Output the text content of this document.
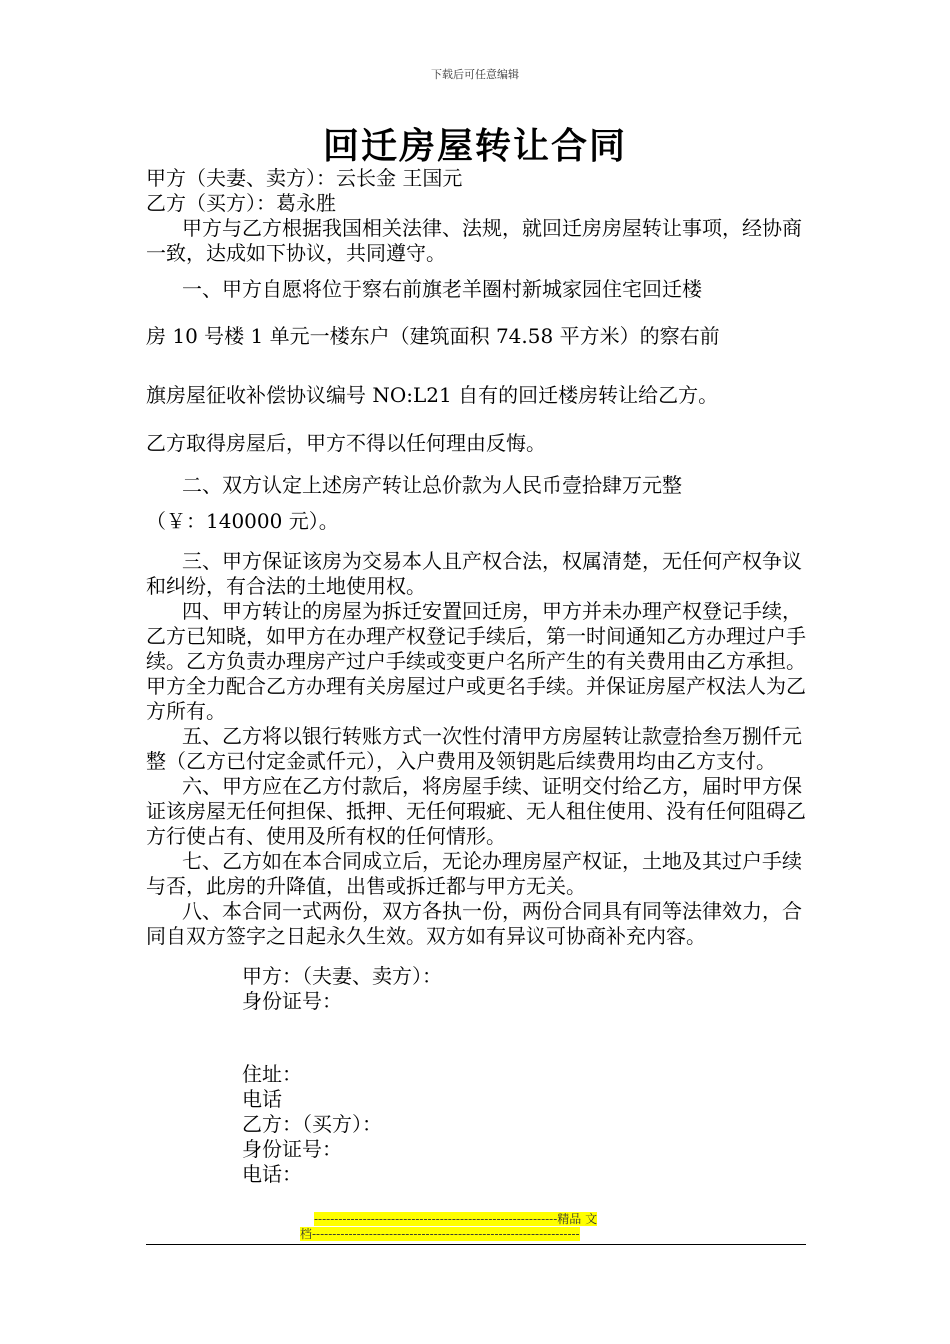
下载后可任意编辑
回迁房屋转让合同

甲方（夫妻、卖方）：云长金 王国元

乙方（买方）：葛永胜

甲方与乙方根据我国相关法律、法规，就回迁房房屋转让事项，经协商一致，达成如下协议，共同遵守。

一、甲方自愿将位于察右前旗老羊圈村新城家园住宅回迁楼

房 10 号楼 1 单元一楼东户（建筑面积 74.58 平方米）的察右前

旗房屋征收补偿协议编号 NO:L21 自有的回迁楼房转让给乙方。

乙方取得房屋后，甲方不得以任何理由反悔。

二、双方认定上述房产转让总价款为人民币壹拾肆万元整

（￥：140000 元）。

三、甲方保证该房为交易本人且产权合法，权属清楚，无任何产权争议和纠纷，有合法的土地使用权。

四、甲方转让的房屋为拆迁安置回迁房，甲方并未办理产权登记手续，乙方已知晓，如甲方在办理产权登记手续后，第一时间通知乙方办理过户手续。乙方负责办理房产过户手续或变更户名所产生的有关费用由乙方承担。甲方全力配合乙方办理有关房屋过户或更名手续。并保证房屋产权法人为乙方所有。

五、乙方将以银行转账方式一次性付清甲方房屋转让款壹拾叁万捌仟元整（乙方已付定金贰仟元），入户费用及领钥匙后续费用均由乙方支付。

六、甲方应在乙方付款后，将房屋手续、证明交付给乙方，届时甲方保证该房屋无任何担保、抵押、无任何瑕疵、无人租住使用、没有任何阻碍乙方行使占有、使用及所有权的任何情形。

七、乙方如在本合同成立后，无论办理房屋产权证，土地及其过户手续与否，此房的升降值，出售或拆迁都与甲方无关。

八、本合同一式两份，双方各执一份，两份合同具有同等法律效力，合同自双方签字之日起永久生效。双方如有异议可协商补充内容。

甲方：（夫妻、卖方）：

身份证号：

住址：

电话

乙方：（买方）：

身份证号：

电话：

------------------------------------------------------------精品 文
档------------------------------------------------------------------
